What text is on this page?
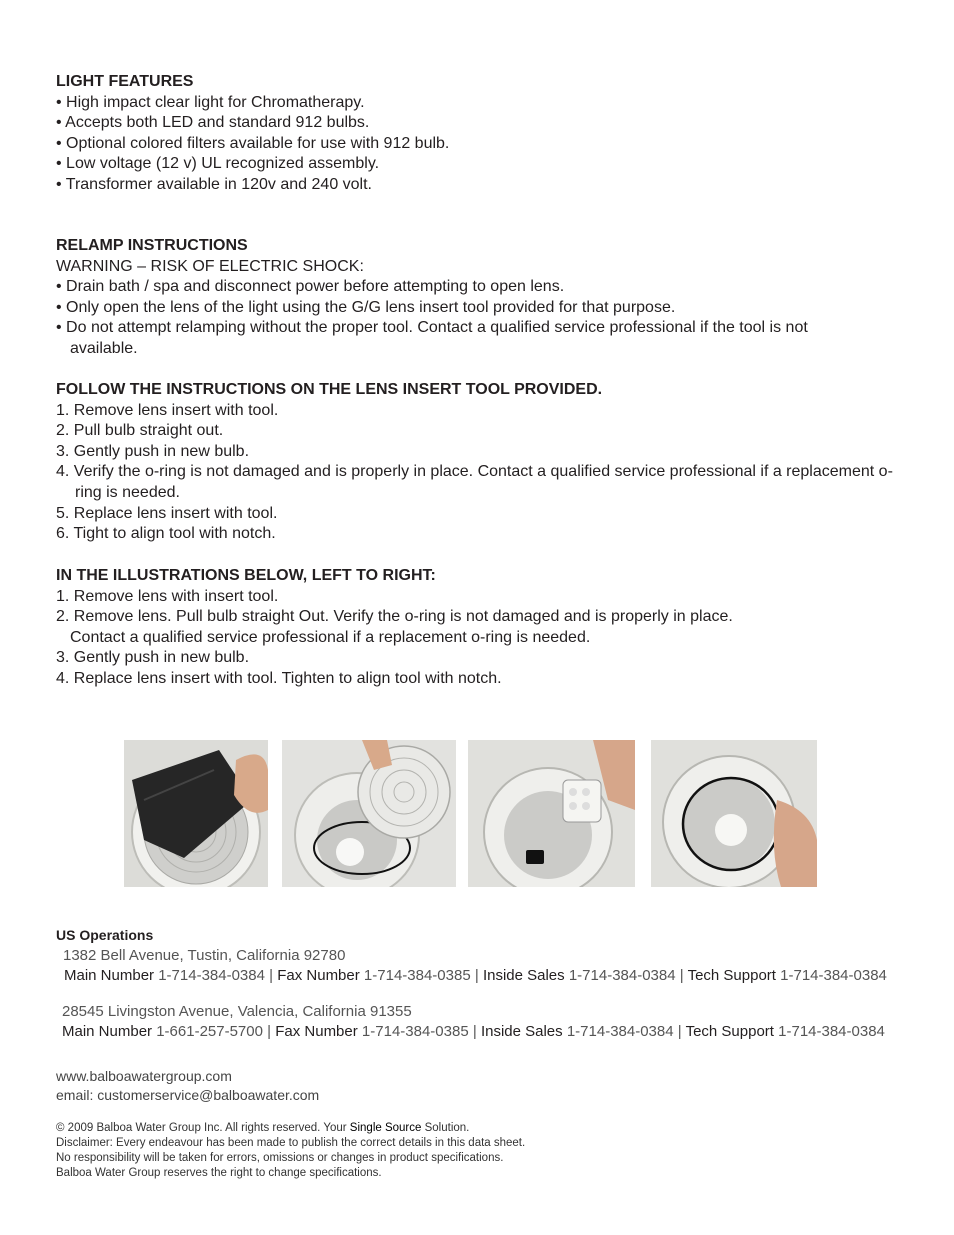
LIGHT FEATURES

• High impact clear light for Chromatherapy.

• Accepts both LED and standard 912 bulbs.

• Optional colored filters available for use with 912 bulb.

• Low voltage (12 v) UL recognized assembly.

• Transformer available in 120v and 240 volt.

RELAMP INSTRUCTIONS

WARNING – RISK OF ELECTRIC SHOCK:

• Drain bath / spa and disconnect power before attempting to open lens.

• Only open the lens of the light using the G/G lens insert tool provided for that purpose.

• Do not attempt relamping without the proper tool. Contact a qualified service professional if the tool is not available.

FOLLOW THE INSTRUCTIONS ON THE LENS INSERT TOOL PROVIDED.

1. Remove lens insert with tool.

2. Pull bulb straight out.

3. Gently push in new bulb.

4. Verify the o-ring is not damaged and is properly in place. Contact a qualified service professional if a replacement o-ring is needed.

5. Replace lens insert with tool.

6. Tight to align tool with notch.

IN THE ILLUSTRATIONS BELOW, LEFT TO RIGHT:

1. Remove lens with insert tool.

2. Remove lens. Pull bulb straight Out. Verify the o-ring is not damaged and is properly in place.

Contact a qualified service professional if a replacement o-ring is needed.

3. Gently push in new bulb.

4. Replace lens insert with tool. Tighten to align tool with notch.

US Operations
1382 Bell Avenue, Tustin, California 92780
Main Number 1-714-384-0384 | Fax Number 1-714-384-0385 | Inside Sales 1-714-384-0384 | Tech Support 1-714-384-0384
28545 Livingston Avenue, Valencia, California 91355
Main Number 1-661-257-5700 | Fax Number 1-714-384-0385 | Inside Sales 1-714-384-0384 | Tech Support 1-714-384-0384
www.balboawatergroup.com
email: customerservice@balboawater.com
© 2009 Balboa Water Group Inc. All rights reserved. Your Single Source Solution.
Disclaimer: Every endeavour has been made to publish the correct details in this data sheet.
No responsibility will be taken for errors, omissions or changes in product specifications.
Balboa Water Group reserves the right to change specifications.
